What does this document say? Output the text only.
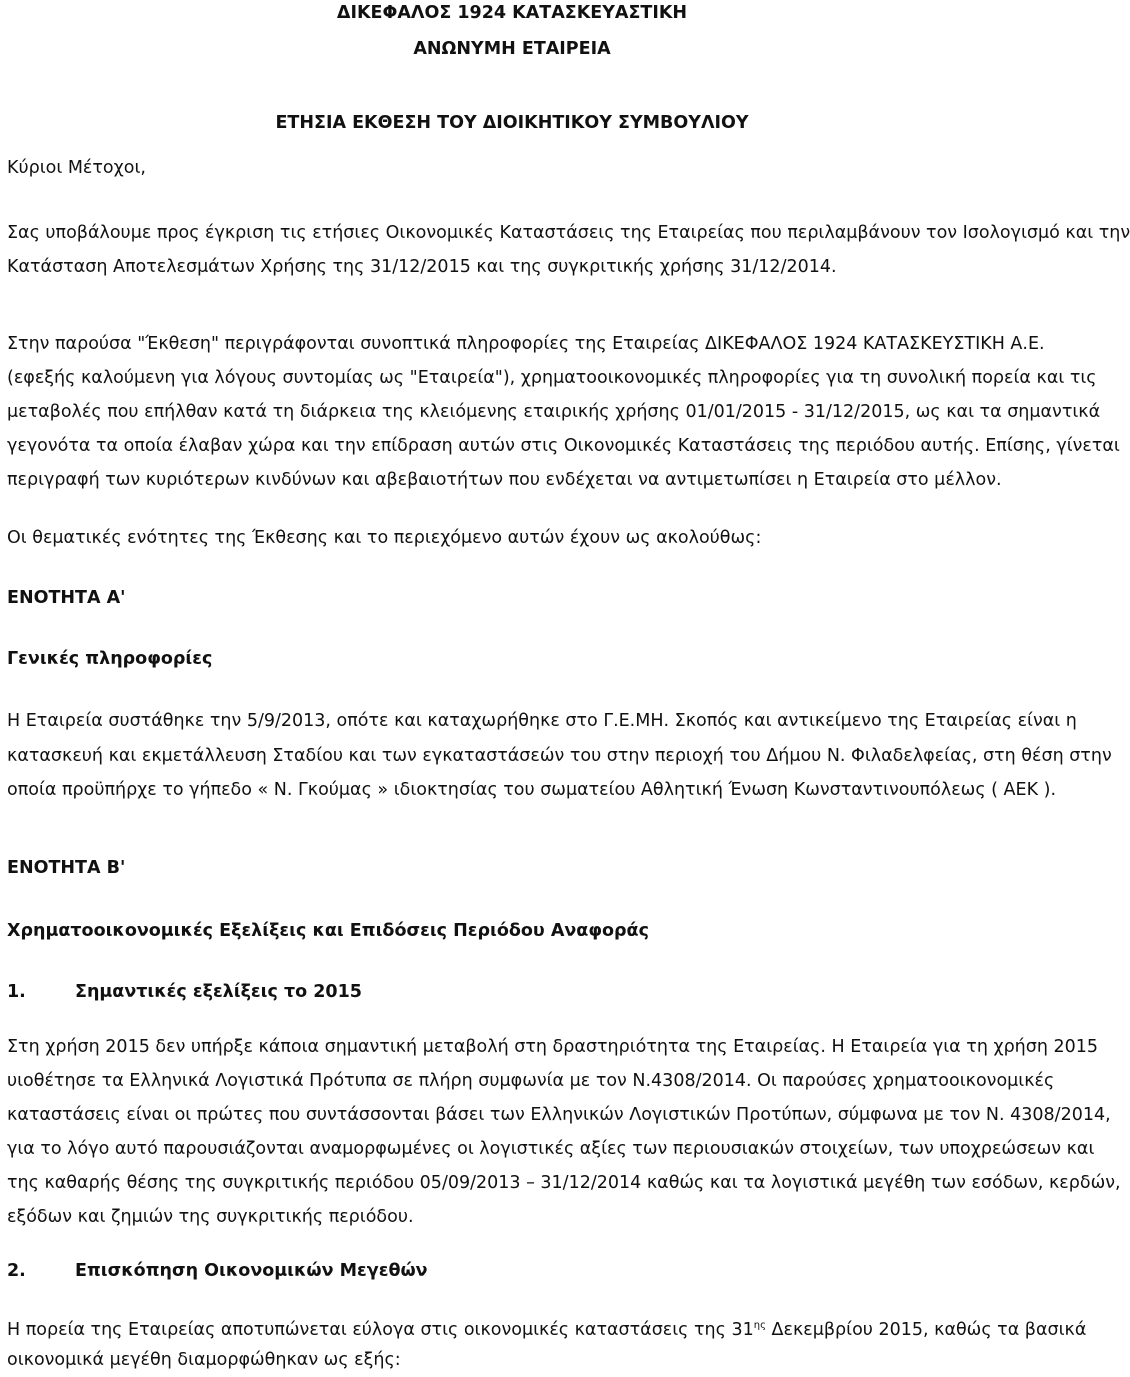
ΔΙΚΕΦΑΛΟΣ 1924 ΚΑΤΑΣΚΕΥΑΣΤΙΚΗ
ΑΝΩΝΥΜΗ ΕΤΑΙΡΕΙΑ
ΕΤΗΣΙΑ ΕΚΘΕΣΗ ΤΟΥ ΔΙΟΙΚΗΤΙΚΟΥ ΣΥΜΒΟΥΛΙΟΥ
Κύριοι Μέτοχοι,
Σας υποβάλουμε προς έγκριση τις ετήσιες Οικονομικές Καταστάσεις της Εταιρείας που περιλαμβάνουν τον Ισολογισμό και την
Κατάσταση Αποτελεσμάτων Χρήσης της 31/12/2015 και της συγκριτικής χρήσης 31/12/2014.
Στην παρούσα "Έκθεση" περιγράφονται συνοπτικά πληροφορίες της Εταιρείας ΔΙΚΕΦΑΛΟΣ 1924 ΚΑΤΑΣΚΕΥΣΤΙΚΗ Α.Ε.
(εφεξής καλούμενη για λόγους συντομίας ως "Εταιρεία"), χρηματοοικονομικές πληροφορίες για τη συνολική πορεία και τις
μεταβολές που επήλθαν κατά τη διάρκεια της κλειόμενης εταιρικής χρήσης 01/01/2015 - 31/12/2015, ως και τα σημαντικά
γεγονότα τα οποία έλαβαν χώρα και την επίδραση αυτών στις Οικονομικές Καταστάσεις της περιόδου αυτής. Επίσης, γίνεται
περιγραφή των κυριότερων κινδύνων και αβεβαιοτήτων που ενδέχεται να αντιμετωπίσει η Εταιρεία στο μέλλον.
Οι θεματικές ενότητες της Έκθεσης και το περιεχόμενο αυτών έχουν ως ακολούθως:
ΕΝΟΤΗΤΑ Α'
Γενικές πληροφορίες
Η Εταιρεία συστάθηκε την 5/9/2013, οπότε και καταχωρήθηκε στο Γ.Ε.ΜΗ. Σκοπός και αντικείμενο της Εταιρείας είναι η
κατασκευή και εκμετάλλευση Σταδίου και των εγκαταστάσεών του στην περιοχή του Δήμου Ν. Φιλαδελφείας, στη θέση στην
οποία προϋπήρχε το γήπεδο « Ν. Γκούμας » ιδιοκτησίας του σωματείου Αθλητική Ένωση Κωνσταντινουπόλεως ( ΑΕΚ ).
ΕΝΟΤΗΤΑ Β'
Χρηματοοικονομικές Εξελίξεις και Επιδόσεις Περιόδου Αναφοράς
1.	Σημαντικές εξελίξεις το 2015
Στη χρήση 2015 δεν υπήρξε κάποια σημαντική μεταβολή στη δραστηριότητα της Εταιρείας. Η Εταιρεία για τη χρήση 2015
υιοθέτησε τα Ελληνικά Λογιστικά Πρότυπα σε πλήρη συμφωνία με τον Ν.4308/2014. Οι παρούσες χρηματοοικονομικές
καταστάσεις είναι οι πρώτες που συντάσσονται βάσει των Ελληνικών Λογιστικών Προτύπων, σύμφωνα με τον Ν. 4308/2014,
για το λόγο αυτό παρουσιάζονται αναμορφωμένες οι λογιστικές αξίες των περιουσιακών στοιχείων, των υποχρεώσεων και
της καθαρής θέσης της συγκριτικής περιόδου 05/09/2013 – 31/12/2014 καθώς και τα λογιστικά μεγέθη των εσόδων, κερδών,
εξόδων και ζημιών της συγκριτικής περιόδου.
2.	Επισκόπηση Οικονομικών Μεγεθών
Η πορεία της Εταιρείας αποτυπώνεται εύλογα στις οικονομικές καταστάσεις της $31^{\eta\varsigma}$ Δεκεμβρίου 2015, καθώς τα βασικά
οικονομικά μεγέθη διαμορφώθηκαν ως εξής:
